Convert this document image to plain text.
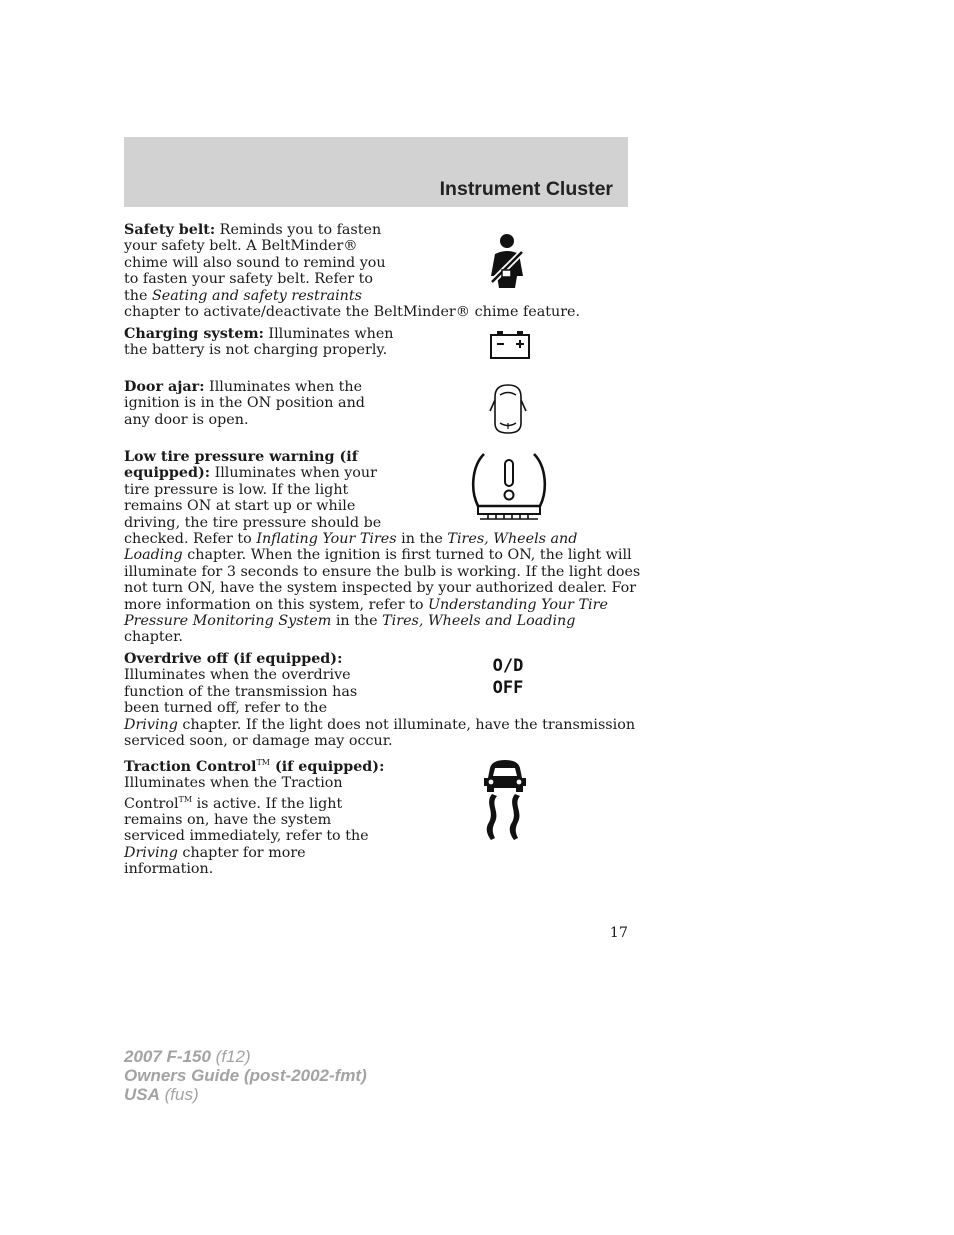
Instrument Cluster
Safety belt: Reminds you to fasten
your safety belt. A BeltMinder®
chime will also sound to remind you
to fasten your safety belt. Refer to
the Seating and safety restraints
chapter to activate/deactivate the BeltMinder® chime feature.
Charging system: Illuminates when
the battery is not charging properly.
Door ajar: Illuminates when the
ignition is in the ON position and
any door is open.
Low tire pressure warning (if
equipped): Illuminates when your
tire pressure is low. If the light
remains ON at start up or while
driving, the tire pressure should be
checked. Refer to Inflating Your Tires in the Tires, Wheels and
Loading chapter. When the ignition is first turned to ON, the light will
illuminate for 3 seconds to ensure the bulb is working. If the light does
not turn ON, have the system inspected by your authorized dealer. For
more information on this system, refer to Understanding Your Tire
Pressure Monitoring System in the Tires, Wheels and Loading
chapter.
Overdrive off (if equipped):
Illuminates when the overdrive
function of the transmission has
been turned off, refer to the
Driving chapter. If the light does not illuminate, have the transmission
serviced soon, or damage may occur.
O/D
OFF
Traction Control™ (if equipped):
Illuminates when the Traction
Control™ is active. If the light
remains on, have the system
serviced immediately, refer to the
Driving chapter for more
information.
17
2007 F-150 (f12)
Owners Guide (post-2002-fmt)
USA (fus)
